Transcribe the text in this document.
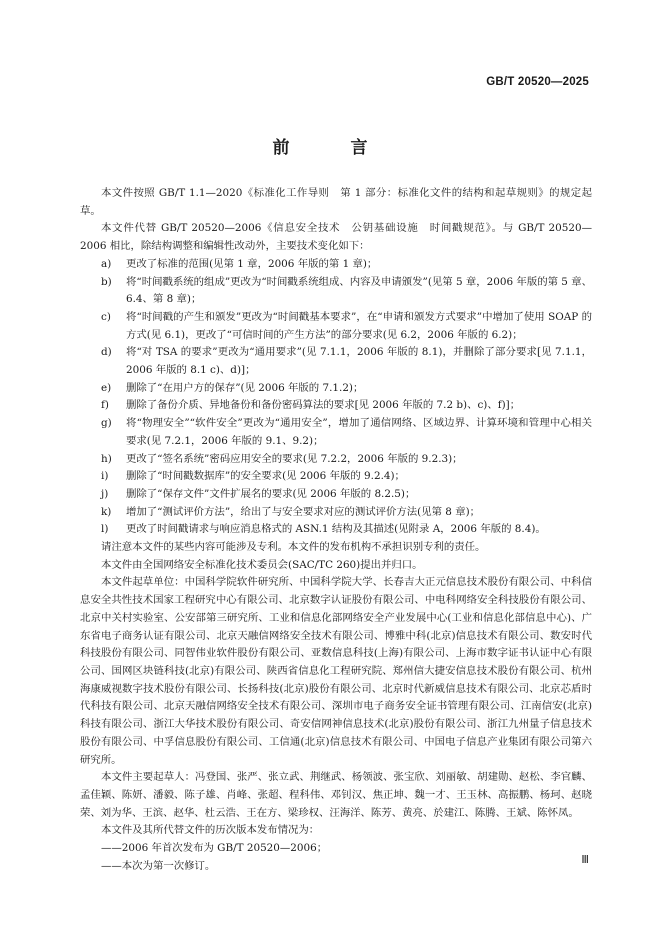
GB/T 20520—2025
前　言

本文件按照 GB/T 1.1—2020《标准化工作导则　第 1 部分：标准化文件的结构和起草规则》的规定起草。

本文件代替 GB/T 20520—2006《信息安全技术　公钥基础设施　时间戳规范》。与 GB/T 20520—2006 相比，除结构调整和编辑性改动外，主要技术变化如下：

a)	更改了标准的范围(见第 1 章，2006 年版的第 1 章)；
b)	将“时间戳系统的组成”更改为“时间戳系统组成、内容及申请颁发”(见第 5 章，2006 年版的第 5 章、6.4、第 8 章)；
c)	将“时间戳的产生和颁发”更改为“时间戳基本要求”，在“申请和颁发方式要求”中增加了使用 SOAP 的方式(见 6.1)，更改了“可信时间的产生方法”的部分要求(见 6.2，2006 年版的 6.2)；
d)	将“对 TSA 的要求”更改为“通用要求”(见 7.1.1，2006 年版的 8.1)，并删除了部分要求[见 7.1.1，2006 年版的 8.1 c)、d)]；
e)	删除了“在用户方的保存”(见 2006 年版的 7.1.2)；
f)	删除了备份介质、异地备份和备份密码算法的要求[见 2006 年版的 7.2 b)、c)、f)]；
g)	将“物理安全”“软件安全”更改为“通用安全”，增加了通信网络、区域边界、计算环境和管理中心相关要求(见 7.2.1，2006 年版的 9.1、9.2)；
h)	更改了“签名系统”密码应用安全的要求(见 7.2.2，2006 年版的 9.2.3)；
i)	删除了“时间戳数据库”的安全要求(见 2006 年版的 9.2.4)；
j)	删除了“保存文件”文件扩展名的要求(见 2006 年版的 8.2.5)；
k)	增加了“测试评价方法”，给出了与安全要求对应的测试评价方法(见第 8 章)；
l)	更改了时间戳请求与响应消息格式的 ASN.1 结构及其描述(见附录 A，2006 年版的 8.4)。

请注意本文件的某些内容可能涉及专利。本文件的发布机构不承担识别专利的责任。

本文件由全国网络安全标准化技术委员会(SAC/TC 260)提出并归口。

本文件起草单位：中国科学院软件研究所、中国科学院大学、长春吉大正元信息技术股份有限公司、中科信息安全共性技术国家工程研究中心有限公司、北京数字认证股份有限公司、中电科网络安全科技股份有限公司、北京中关村实验室、公安部第三研究所、工业和信息化部网络安全产业发展中心(工业和信息化部信息中心)、广东省电子商务认证有限公司、北京天融信网络安全技术有限公司、博雅中科(北京)信息技术有限公司、数安时代科技股份有限公司、同智伟业软件股份有限公司、亚数信息科技(上海)有限公司、上海市数字证书认证中心有限公司、国网区块链科技(北京)有限公司、陕西省信息化工程研究院、郑州信大捷安信息技术股份有限公司、杭州海康威视数字技术股份有限公司、长扬科技(北京)股份有限公司、北京时代新威信息技术有限公司、北京芯盾时代科技有限公司、北京天融信网络安全技术有限公司、深圳市电子商务安全证书管理有限公司、江南信安(北京)科技有限公司、浙江大华技术股份有限公司、奇安信网神信息技术(北京)股份有限公司、浙江九州量子信息技术股份有限公司、中孚信息股份有限公司、工信通(北京)信息技术有限公司、中国电子信息产业集团有限公司第六研究所。

本文件主要起草人：冯登国、张严、张立武、荆继武、杨领波、张宝欣、刘丽敏、胡建勋、赵松、李官麟、孟佳颖、陈妍、潘毅、陈子雄、肖峰、张超、程科伟、邓钊汉、焦正坤、魏一才、王玉林、高振鹏、杨珂、赵晓荣、刘为华、王滨、赵华、杜云浩、王在方、梁珍权、汪海洋、陈芳、黄亮、於建江、陈腾、王斌、陈怀凤。

本文件及其所代替文件的历次版本发布情况为：

——2006 年首次发布为 GB/T 20520—2006；

——本次为第一次修订。	Ⅲ
